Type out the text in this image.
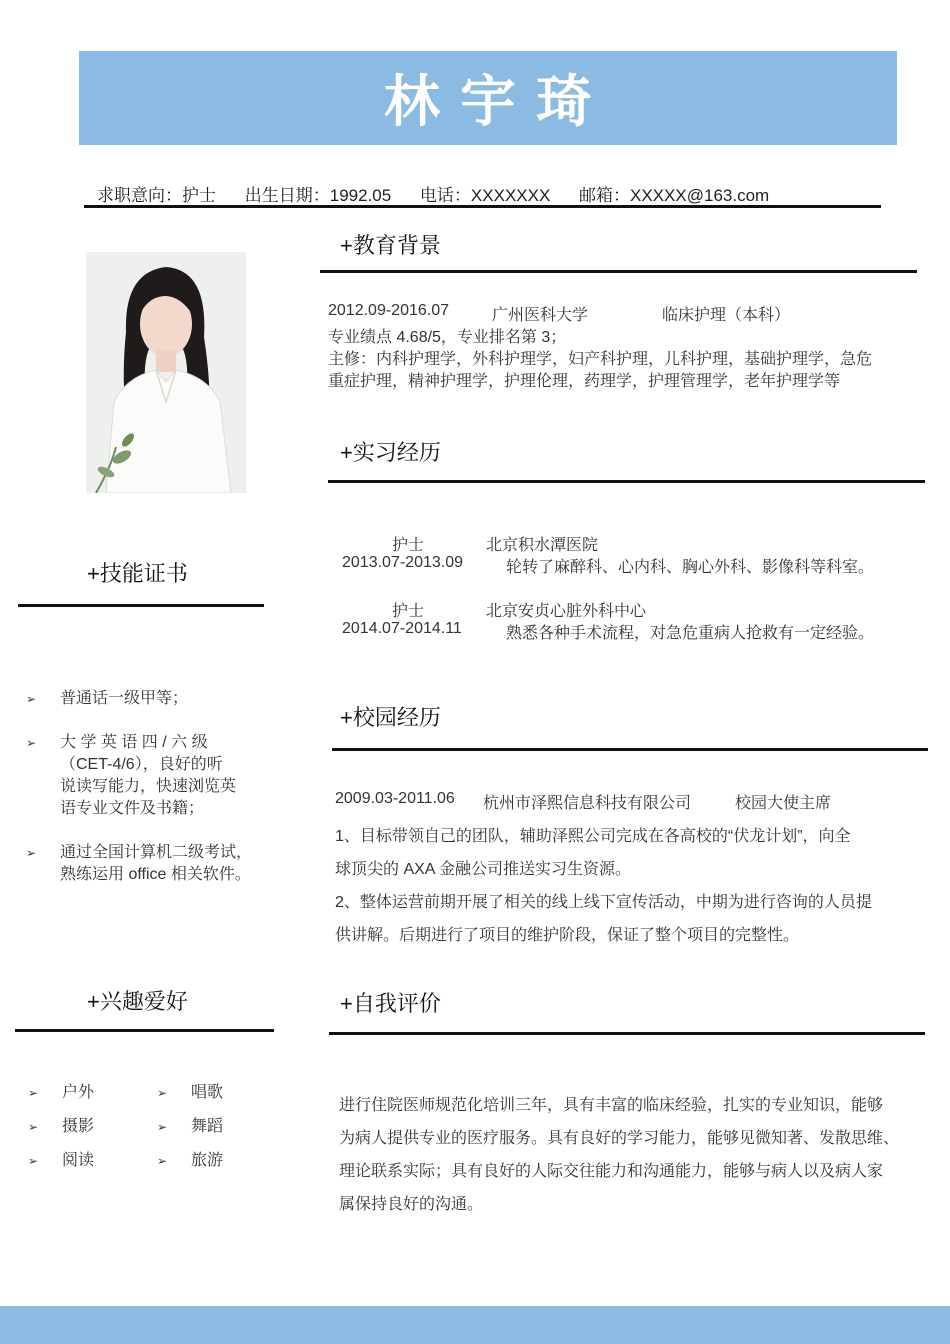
林宇琦
求职意向：护士 出生日期：1992.05 电话：XXXXXXX 邮箱：XXXXX@163.com
+教育背景
2012.09-2016.07	广州医科大学	临床护理（本科）
专业绩点 4.68/5，专业排名第 3；
主修：内科护理学，外科护理学，妇产科护理，儿科护理，基础护理学，急危
重症护理，精神护理学，护理伦理，药理学，护理管理学，老年护理学等
+实习经历
护士	北京积水潭医院
2013.07-2013.09	轮转了麻醉科、心内科、胸心外科、影像科等科室。
护士	北京安贞心脏外科中心
2014.07-2014.11	熟悉各种手术流程，对急危重病人抢救有一定经验。
+校园经历
2009.03-2011.06 杭州市泽熙信息科技有限公司	校园大使主席
1、目标带领自己的团队，辅助泽熙公司完成在各高校的“伏龙计划”，向全
球顶尖的 AXA 金融公司推送实习生资源。
2、整体运营前期开展了相关的线上线下宣传活动，中期为进行咨询的人员提
供讲解。后期进行了项目的维护阶段，保证了整个项目的完整性。
+自我评价
进行住院医师规范化培训三年，具有丰富的临床经验，扎实的专业知识，能够
为病人提供专业的医疗服务。具有良好的学习能力，能够见微知著、发散思维、
理论联系实际；具有良好的人际交往能力和沟通能力，能够与病人以及病人家
属保持良好的沟通。
+技能证书
➢ 普通话一级甲等；
➢ 大 学 英 语 四 / 六 级
（CET-4/6），良好的听
说读写能力，快速浏览英
语专业文件及书籍；
➢ 通过全国计算机二级考试，
熟练运用 office 相关软件。
+兴趣爱好
➢ 户外	➢ 唱歌
➢ 摄影	➢ 舞蹈
➢ 阅读	➢ 旅游
